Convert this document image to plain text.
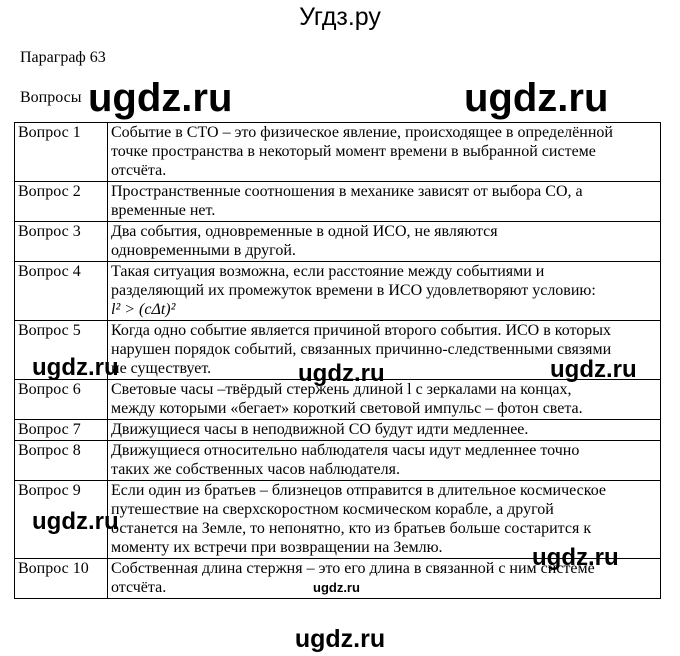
Угдз.ру
Параграф 63
Вопросы
Вопрос 1	Событие в СТО – это физическое явление, происходящее в определённой
точке пространства в некоторый момент времени в выбранной системе
отсчёта.

Вопрос 2	Пространственные соотношения в механике зависят от выбора СО, а
временные нет.

Вопрос 3	Два события, одновременные в одной ИСО, не являются
одновременными в другой.

Вопрос 4	Такая ситуация возможна, если расстояние между событиями и
разделяющий их промежуток времени в ИСО удовлетворяют условию:
l² > (cΔt)²

Вопрос 5	Когда одно событие является причиной второго события. ИСО в которых
нарушен порядок событий, связанных причинно-следственными связями
не существует.

Вопрос 6	Световые часы –твёрдый стержень длиной l с зеркалами на концах,
между которыми «бегает» короткий световой импульс – фотон света.

Вопрос 7	Движущиеся часы в неподвижной СО будут идти медленнее.

Вопрос 8	Движущиеся относительно наблюдателя часы идут медленнее точно
таких же собственных часов наблюдателя.

Вопрос 9	Если один из братьев – близнецов отправится в длительное космическое
путешествие на сверхскоростном космическом корабле, а другой
останется на Земле, то непонятно, кто из братьев больше состарится к
моменту их встречи при возвращении на Землю.

Вопрос 10	Собственная длина стержня – это его длина в связанной с ним системе
отсчёта.
ugdz.ru	ugdz.ru
ugdz.ru	ugdz.ru	ugdz.ru
ugdz.ru
ugdz.ru
ugdz.ru
ugdz.ru
